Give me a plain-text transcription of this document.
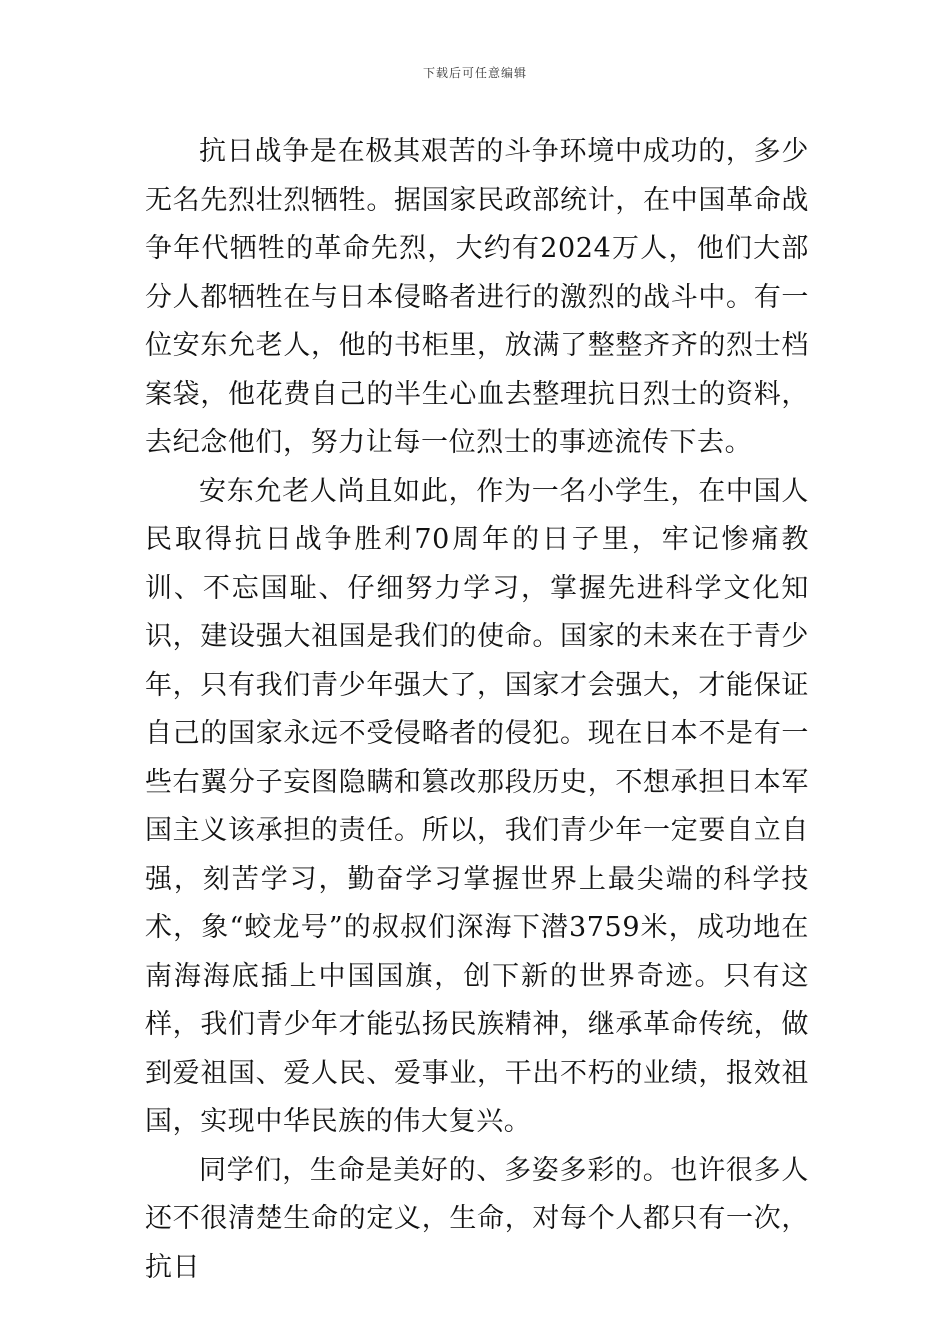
下载后可任意编辑

抗日战争是在极其艰苦的斗争环境中成功的，多少无名先烈壮烈牺牲。据国家民政部统计，在中国革命战争年代牺牲的革命先烈，大约有2024万人，他们大部分人都牺牲在与日本侵略者进行的激烈的战斗中。有一位安东允老人，他的书柜里，放满了整整齐齐的烈士档案袋，他花费自己的半生心血去整理抗日烈士的资料，去纪念他们，努力让每一位烈士的事迹流传下去。

安东允老人尚且如此，作为一名小学生，在中国人民取得抗日战争胜利70周年的日子里，牢记惨痛教训、不忘国耻、仔细努力学习，掌握先进科学文化知识，建设强大祖国是我们的使命。国家的未来在于青少年，只有我们青少年强大了，国家才会强大，才能保证自己的国家永远不受侵略者的侵犯。现在日本不是有一些右翼分子妄图隐瞒和篡改那段历史，不想承担日本军国主义该承担的责任。所以，我们青少年一定要自立自强，刻苦学习，勤奋学习掌握世界上最尖端的科学技术，象“蛟龙号”的叔叔们深海下潜3759米，成功地在南海海底插上中国国旗，创下新的世界奇迹。只有这样，我们青少年才能弘扬民族精神，继承革命传统，做到爱祖国、爱人民、爱事业，干出不朽的业绩，报效祖国，实现中华民族的伟大复兴。

同学们，生命是美好的、多姿多彩的。也许很多人还不很清楚生命的定义，生命，对每个人都只有一次，抗日
